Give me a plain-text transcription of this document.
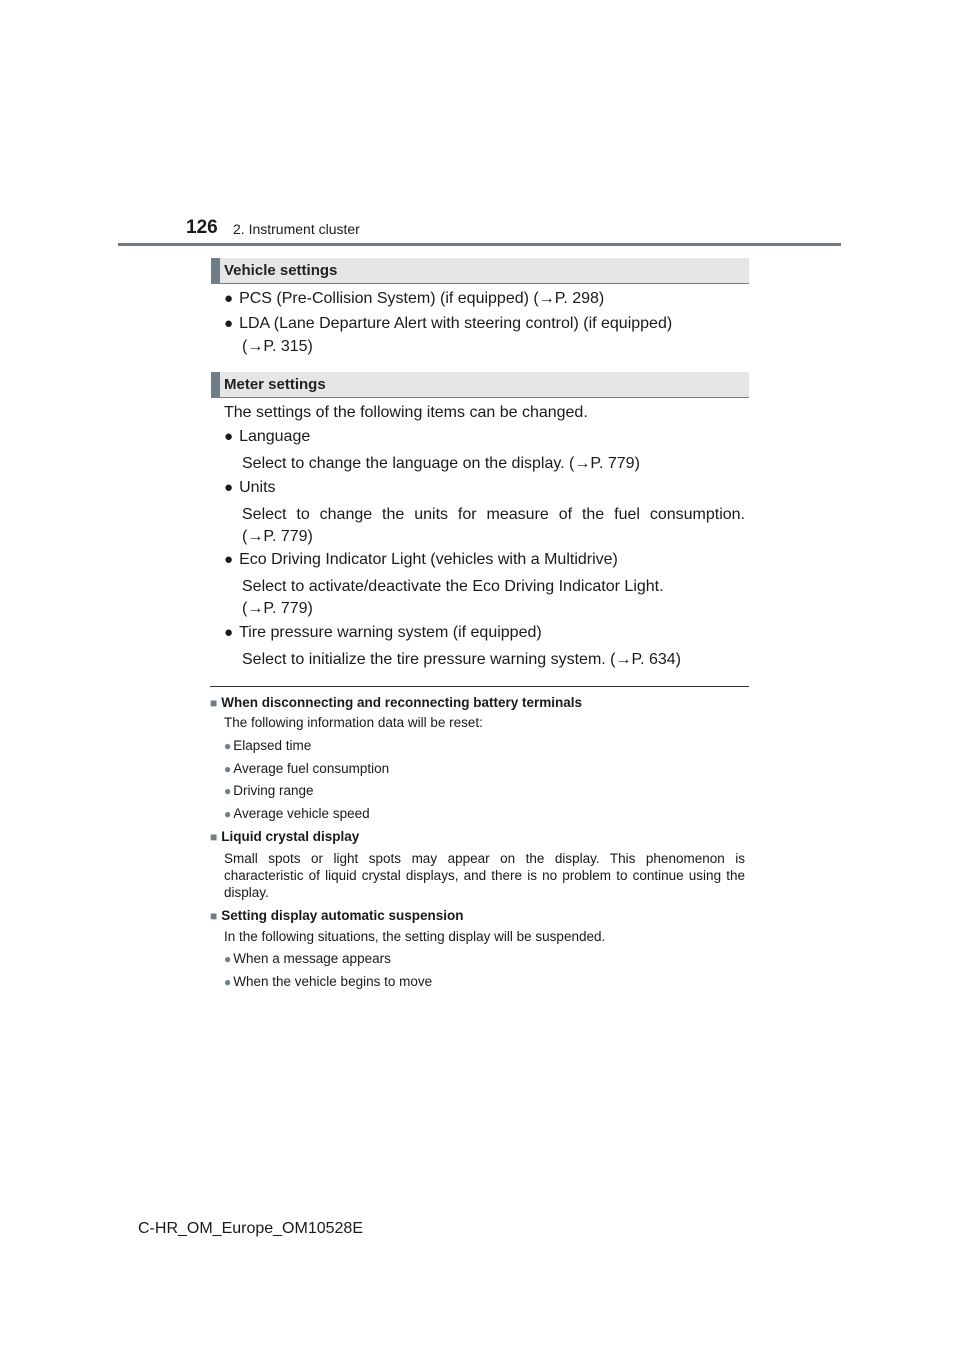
126 2. Instrument cluster
Vehicle settings
● PCS (Pre-Collision System) (if equipped) (→P. 298)
● LDA (Lane Departure Alert with steering control) (if equipped)
(→P. 315)
Meter settings
The settings of the following items can be changed.
● Language
Select to change the language on the display. (→P. 779)
● Units
Select to change the units for measure of the fuel consumption.
(→P. 779)
● Eco Driving Indicator Light (vehicles with a Multidrive)
Select to activate/deactivate the Eco Driving Indicator Light.
(→P. 779)
● Tire pressure warning system (if equipped)
Select to initialize the tire pressure warning system. (→P. 634)
■ When disconnecting and reconnecting battery terminals
The following information data will be reset:
● Elapsed time
● Average fuel consumption
● Driving range
● Average vehicle speed
■ Liquid crystal display
Small spots or light spots may appear on the display. This phenomenon is characteristic of liquid crystal displays, and there is no problem to continue using the display.
■ Setting display automatic suspension
In the following situations, the setting display will be suspended.
● When a message appears
● When the vehicle begins to move
C-HR_OM_Europe_OM10528E
